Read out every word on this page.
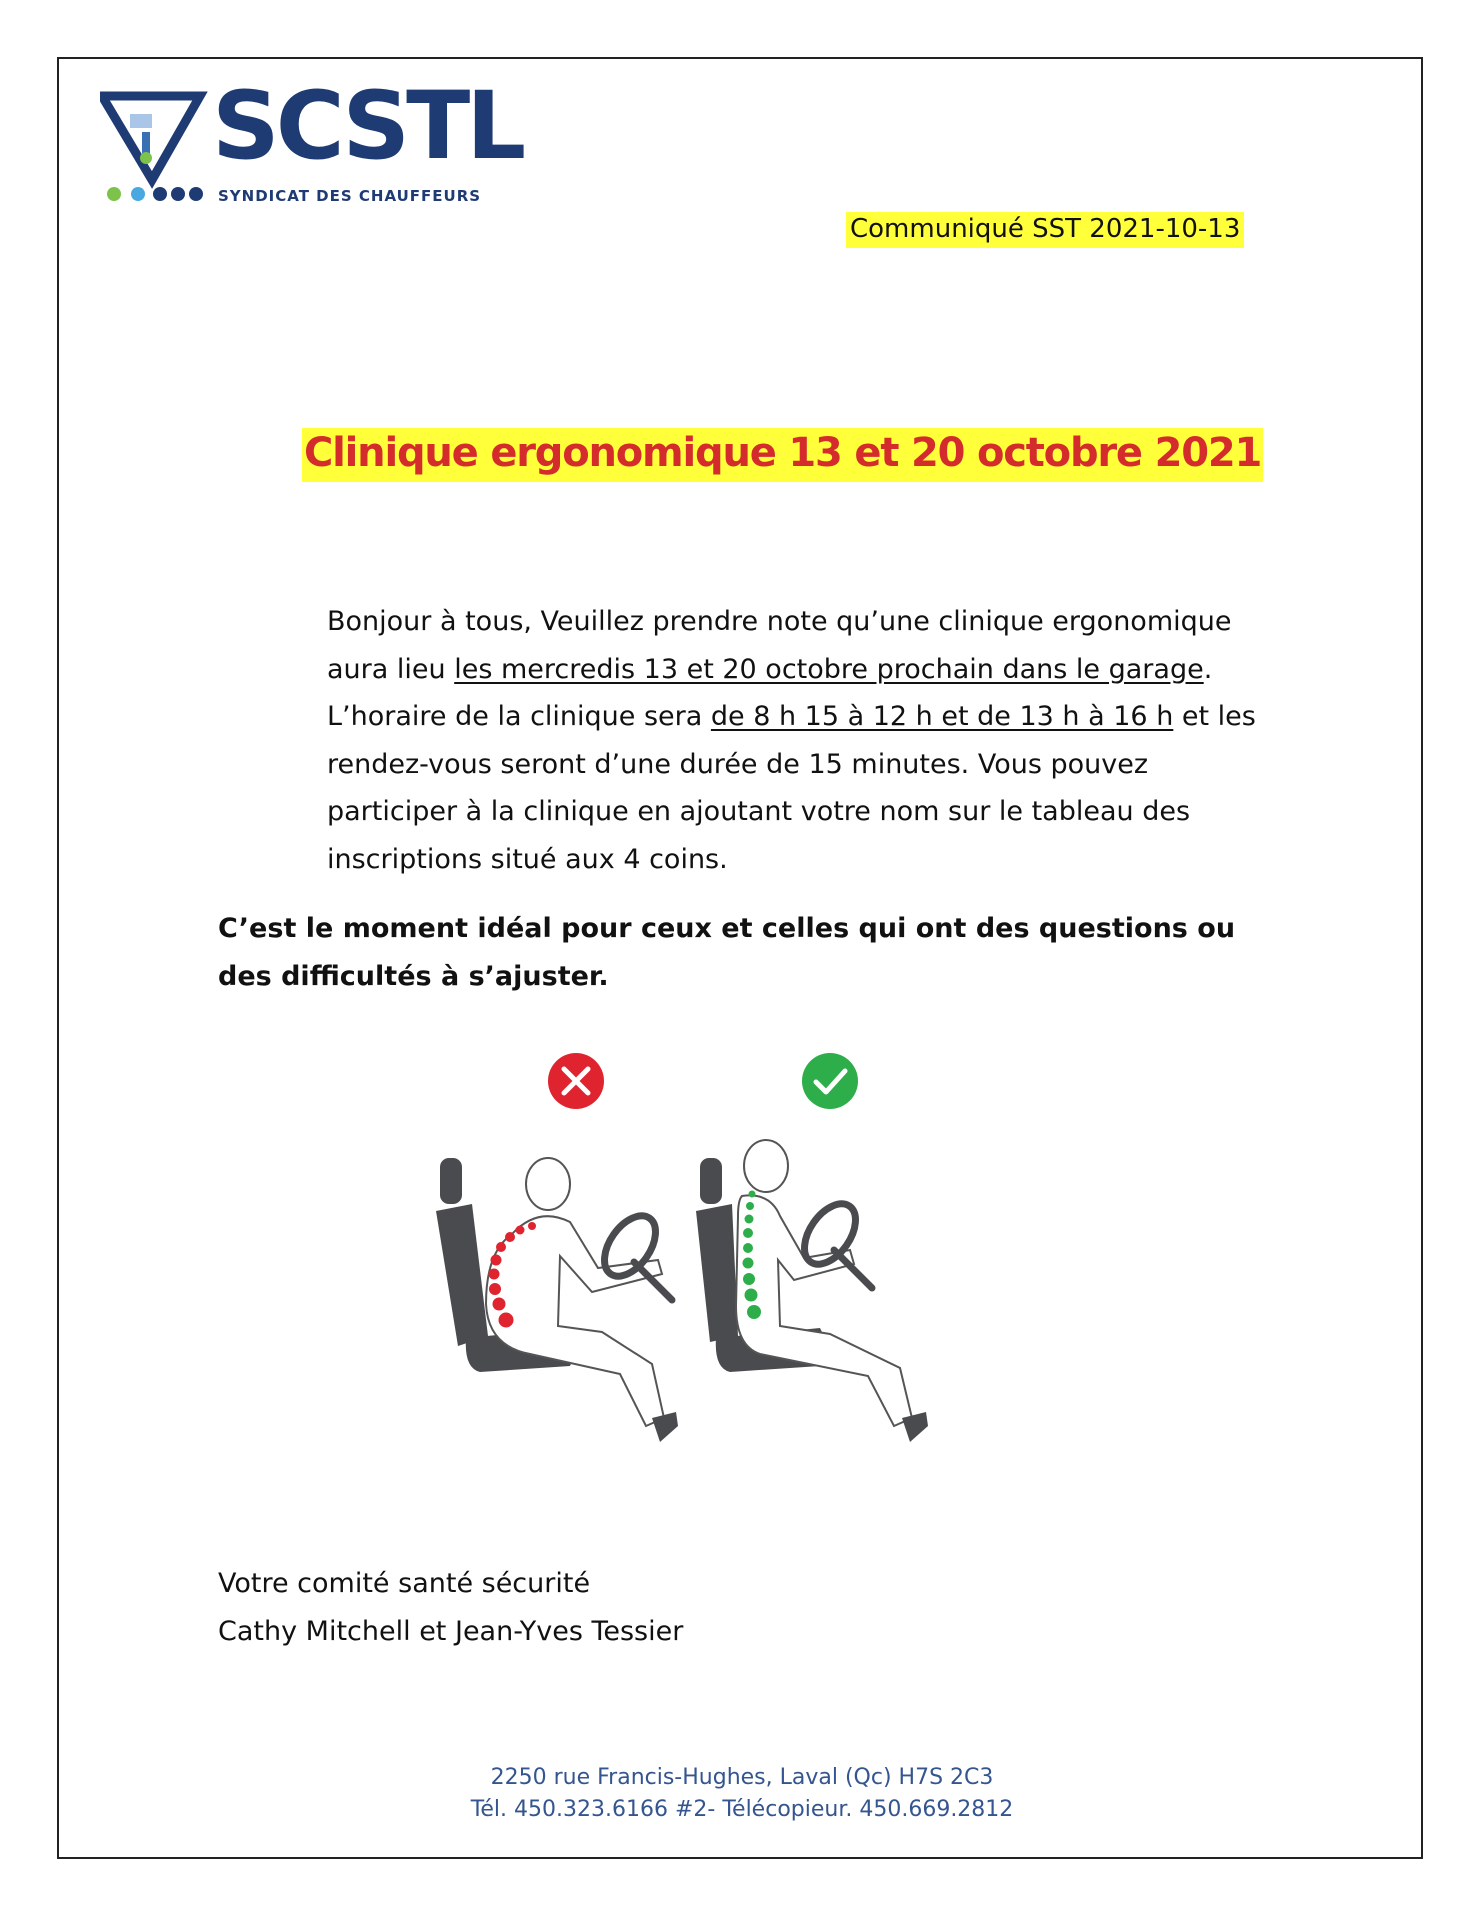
SCSTL
SYNDICAT DES CHAUFFEURS
Communiqué SST 2021-10-13
Clinique ergonomique 13 et 20 octobre 2021

Bonjour à tous, Veuillez prendre note qu’une clinique ergonomique aura lieu les mercredis 13 et 20 octobre prochain dans le garage. L’horaire de la clinique sera de 8 h 15 à 12 h et de 13 h à 16 h et les rendez-vous seront d’une durée de 15 minutes. Vous pouvez participer à la clinique en ajoutant votre nom sur le tableau des inscriptions situé aux 4 coins.

C’est le moment idéal pour ceux et celles qui ont des questions ou des difficultés à s’ajuster.

Votre comité santé sécurité
Cathy Mitchell et Jean-Yves Tessier
2250 rue Francis-Hughes, Laval (Qc) H7S 2C3
Tél. 450.323.6166 #2- Télécopieur. 450.669.2812
